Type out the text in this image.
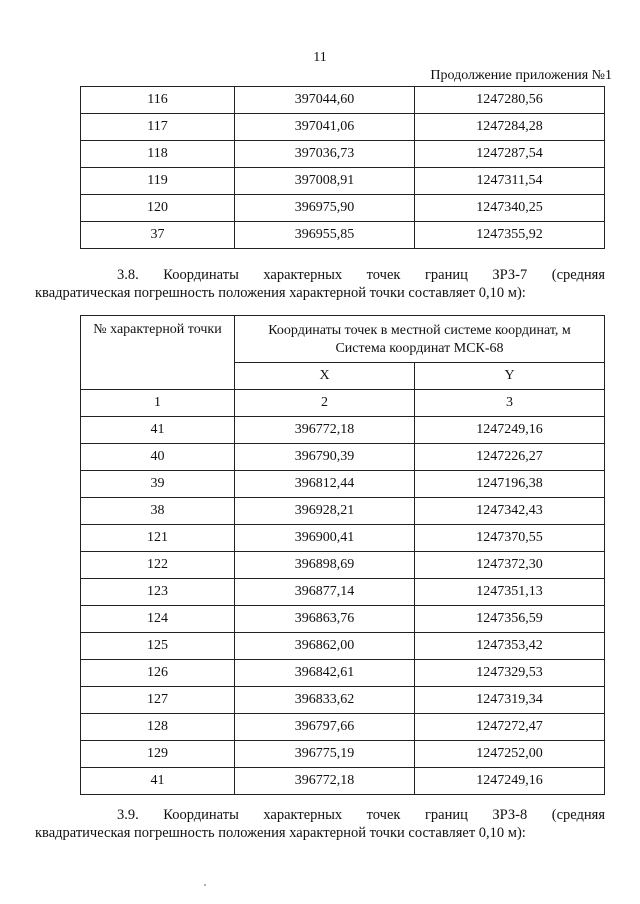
11
Продолжение приложения №1
116	397044,60	1247280,56
117	397041,06	1247284,28
118	397036,73	1247287,54
119	397008,91	1247311,54
120	396975,90	1247340,25
37	396955,85	1247355,92
3.8. Координаты характерных точек границ ЗРЗ-7 (средняя
квадратическая погрешность положения характерной точки составляет 0,10 м):
№ характерной точки	Координаты точек в местной системе координат, м
Система координат МСК-68	

	X	Y
1	2	3
41	396772,18	1247249,16
40	396790,39	1247226,27
39	396812,44	1247196,38
38	396928,21	1247342,43
121	396900,41	1247370,55
122	396898,69	1247372,30
123	396877,14	1247351,13
124	396863,76	1247356,59
125	396862,00	1247353,42
126	396842,61	1247329,53
127	396833,62	1247319,34
128	396797,66	1247272,47
129	396775,19	1247252,00
41	396772,18	1247249,16
3.9. Координаты характерных точек границ ЗРЗ-8 (средняя
квадратическая погрешность положения характерной точки составляет 0,10 м):
